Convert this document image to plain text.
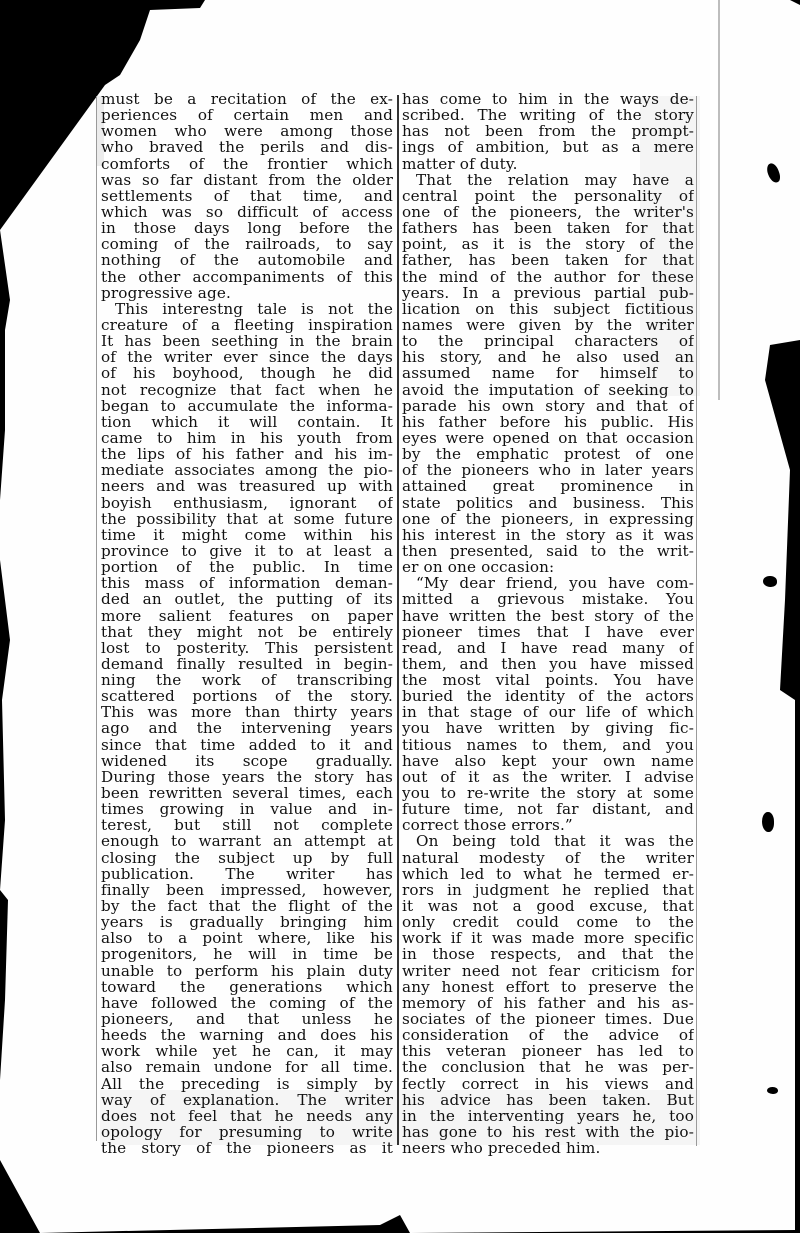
must be a recitation of the ex-
periences of certain men and
women who were among those
who braved the perils and dis-
comforts of the frontier which
was so far distant from the older
settlements of that time, and
which was so difficult of access
in those days long before the
coming of the railroads, to say
nothing of the automobile and
the other accompaniments of this
progressive age.
This interestng tale is not the
creature of a fleeting inspiration
It has been seething in the brain
of the writer ever since the days
of his boyhood, though he did
not recognize that fact when he
began to accumulate the informa-
tion which it will contain. It
came to him in his youth from
the lips of his father and his im-
mediate associates among the pio-
neers and was treasured up with
boyish enthusiasm, ignorant of
the possibility that at some future
time it might come within his
province to give it to at least a
portion of the public. In time
this mass of information deman-
ded an outlet, the putting of its
more salient features on paper
that they might not be entirely
lost to posterity. This persistent
demand finally resulted in begin-
ning the work of transcribing
scattered portions of the story.
This was more than thirty years
ago and the intervening years
since that time added to it and
widened its scope gradually.
During those years the story has
been rewritten several times, each
times growing in value and in-
terest, but still not complete
enough to warrant an attempt at
closing the subject up by full
publication. The writer has
finally been impressed, however,
by the fact that the flight of the
years is gradually bringing him
also to a point where, like his
progenitors, he will in time be
unable to perform his plain duty
toward the generations which
have followed the coming of the
pioneers, and that unless he
heeds the warning and does his
work while yet he can, it may
also remain undone for all time.
All the preceding is simply by
way of explanation. The writer
does not feel that he needs any
opology for presuming to write
the story of the pioneers as it
has come to him in the ways de-
scribed. The writing of the story
has not been from the prompt-
ings of ambition, but as a mere
matter of duty.
That the relation may have a
central point the personality of
one of the pioneers, the writer's
fathers has been taken for that
point, as it is the story of the
father, has been taken for that
the mind of the author for these
years. In a previous partial pub-
lication on this subject fictitious
names were given by the writer
to the principal characters of
his story, and he also used an
assumed name for himself to
avoid the imputation of seeking to
parade his own story and that of
his father before his public. His
eyes were opened on that occasion
by the emphatic protest of one
of the pioneers who in later years
attained great prominence in
state politics and business. This
one of the pioneers, in expressing
his interest in the story as it was
then presented, said to the writ-
er on one occasion:
“My dear friend, you have com-
mitted a grievous mistake. You
have written the best story of the
pioneer times that I have ever
read, and I have read many of
them, and then you have missed
the most vital points. You have
buried the identity of the actors
in that stage of our life of which
you have written by giving fic-
titious names to them, and you
have also kept your own name
out of it as the writer. I advise
you to re-write the story at some
future time, not far distant, and
correct those errors.”
On being told that it was the
natural modesty of the writer
which led to what he termed er-
rors in judgment he replied that
it was not a good excuse, that
only credit could come to the
work if it was made more specific
in those respects, and that the
writer need not fear criticism for
any honest effort to preserve the
memory of his father and his as-
sociates of the pioneer times. Due
consideration of the advice of
this veteran pioneer has led to
the conclusion that he was per-
fectly correct in his views and
his advice has been taken. But
in the interventing years he, too
has gone to his rest with the pio-
neers who preceded him.
